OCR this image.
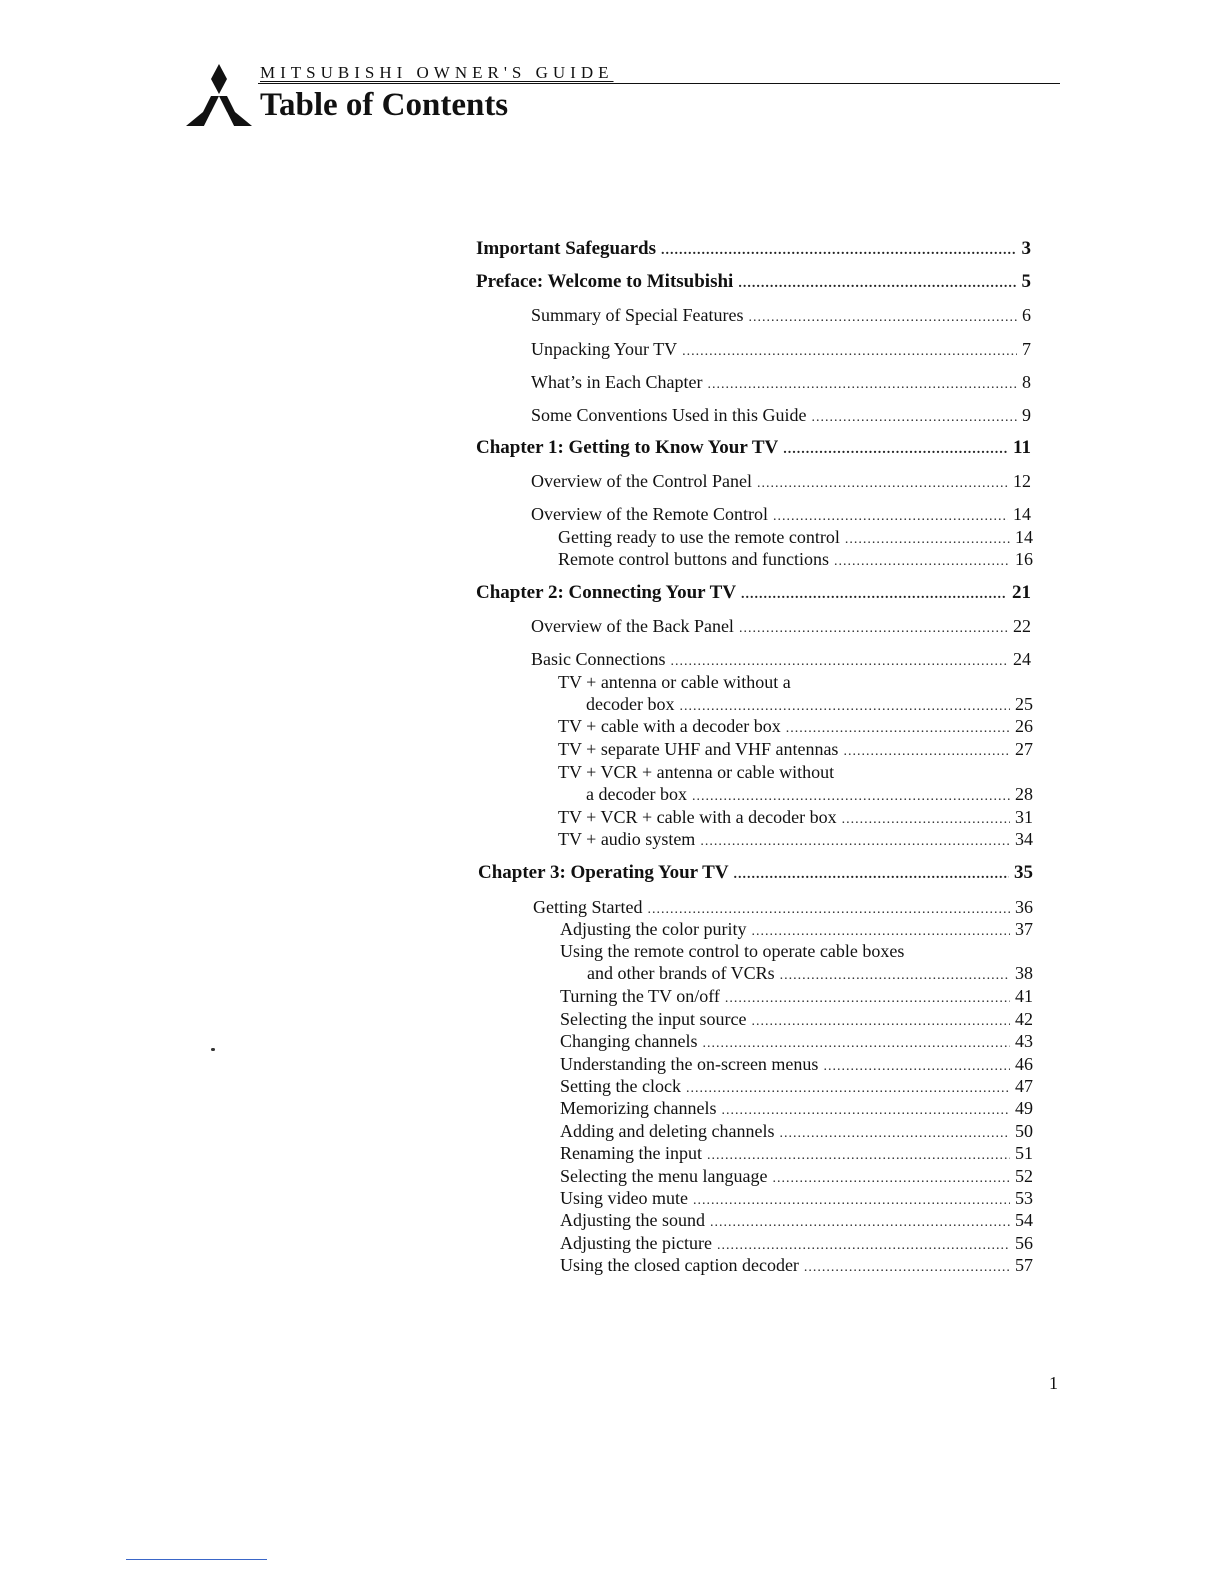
MITSUBISHI OWNER'S GUIDE
Table of Contents
Important Safeguards .....	3
Preface: Welcome to Mitsubishi .....	5
Summary of Special Features .....	6
Unpacking Your TV .....	7
What’s in Each Chapter .....	8
Some Conventions Used in this Guide .....	9
Chapter 1: Getting to Know Your TV .....	11
Overview of the Control Panel .....	12
Overview of the Remote Control .....	14
Getting ready to use the remote control .....	14
Remote control buttons and functions .....	16
Chapter 2: Connecting Your TV .....	21
Overview of the Back Panel .....	22
Basic Connections .....	24
TV + antenna or cable without a
decoder box .....	25
TV + cable with a decoder box .....	26
TV + separate UHF and VHF antennas .....	27
TV + VCR + antenna or cable without
a decoder box .....	28
TV + VCR + cable with a decoder box .....	31
TV + audio system .....	34
Chapter 3: Operating Your TV .....	35
Getting Started .....	36
Adjusting the color purity .....	37
Using the remote control to operate cable boxes
and other brands of VCRs .....	38
Turning the TV on/off .....	41
Selecting the input source .....	42
Changing channels .....	43
Understanding the on-screen menus .....	46
Setting the clock .....	47
Memorizing channels .....	49
Adding and deleting channels .....	50
Renaming the input .....	51
Selecting the menu language .....	52
Using video mute .....	53
Adjusting the sound .....	54
Adjusting the picture .....	56
Using the closed caption decoder .....	57
1
